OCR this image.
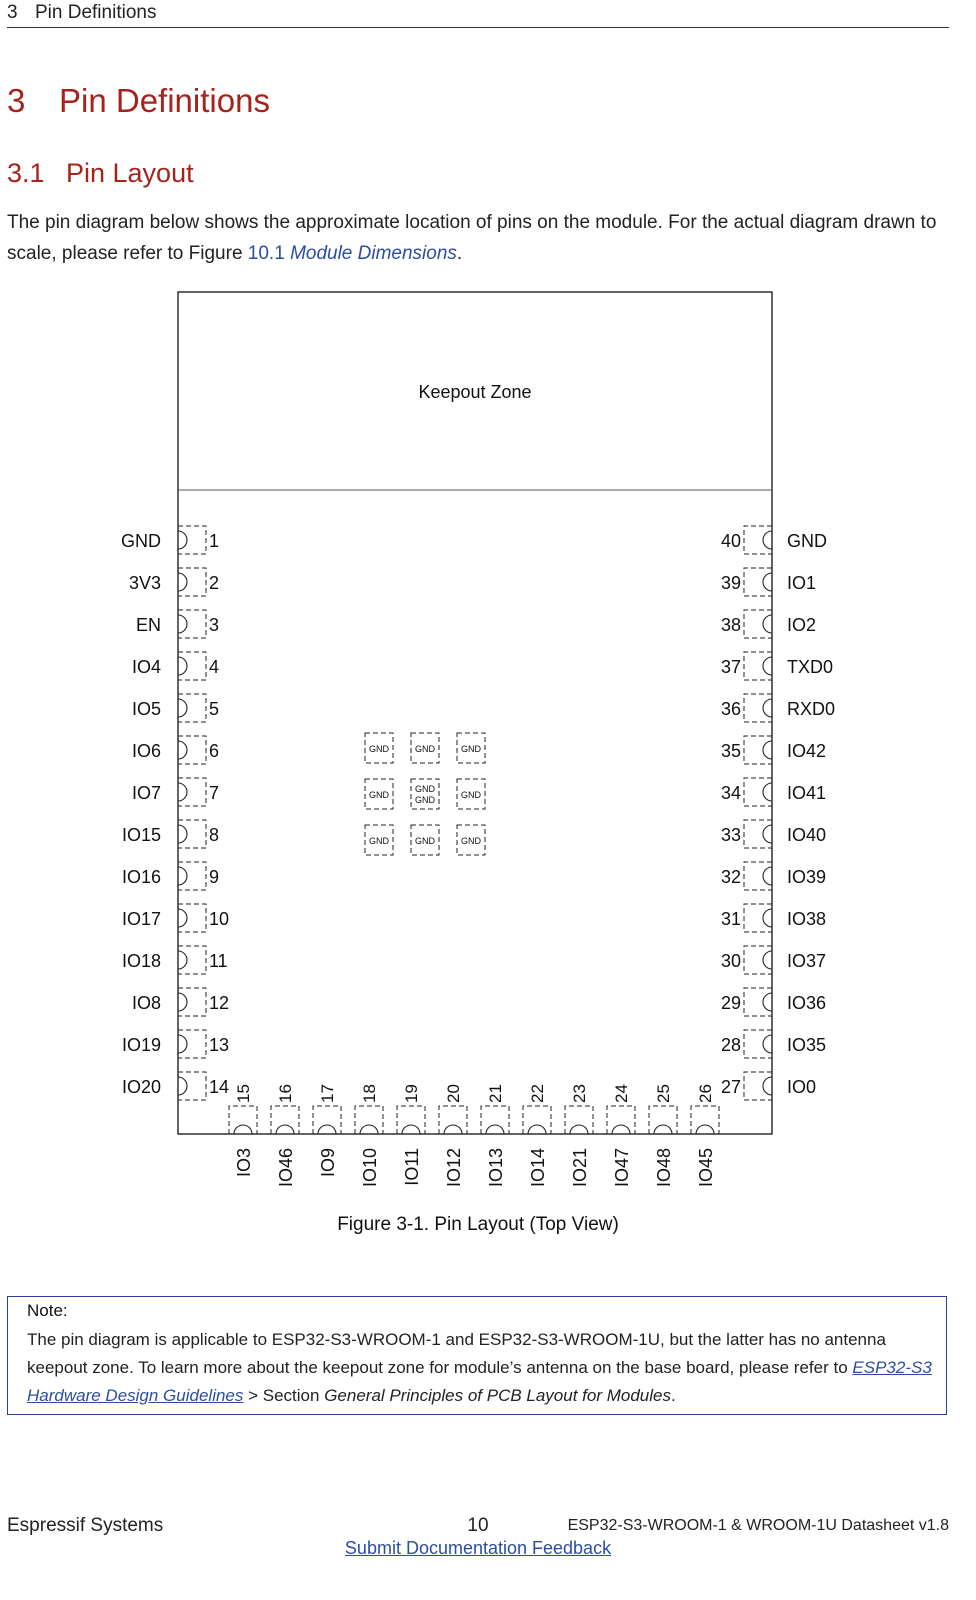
3 Pin Definitions
3 Pin Definitions
3.1 Pin Layout
The pin diagram below shows the approximate location of pins on the module. For the actual diagram drawn to scale, please refer to Figure 10.1 Module Dimensions.
Keepout Zone
GND	1
3V3	2
EN	3
IO4	4
IO5	5
IO6	6
IO7	7
IO15	8
IO16	9
IO17	10
IO18	11
IO8	12
IO19	13
IO20	14
40	GND
39	IO1
38	IO2
37	TXD0
36	RXD0
35	IO42
34	IO41
33	IO40
32	IO39
31	IO38
30	IO37
29	IO36
28	IO35
27	IO0
15
IO3
16
IO46
17
IO9
18
IO10
19
IO11
20
IO12
21
IO13
22
IO14
23
IO21
24
IO47
25
IO48
26
IO45
GND	GND	GND
GND
GND
GND	GND
GND	GND	GND
Figure 3-1. Pin Layout (Top View)
Note:
The pin diagram is applicable to ESP32-S3-WROOM-1 and ESP32-S3-WROOM-1U, but the latter has no antenna keepout zone. To learn more about the keepout zone for module’s antenna on the base board, please refer to ESP32-S3 Hardware Design Guidelines > Section General Principles of PCB Layout for Modules.
Espressif Systems	10	ESP32-S3-WROOM-1 & WROOM-1U Datasheet v1.8
Submit Documentation Feedback
